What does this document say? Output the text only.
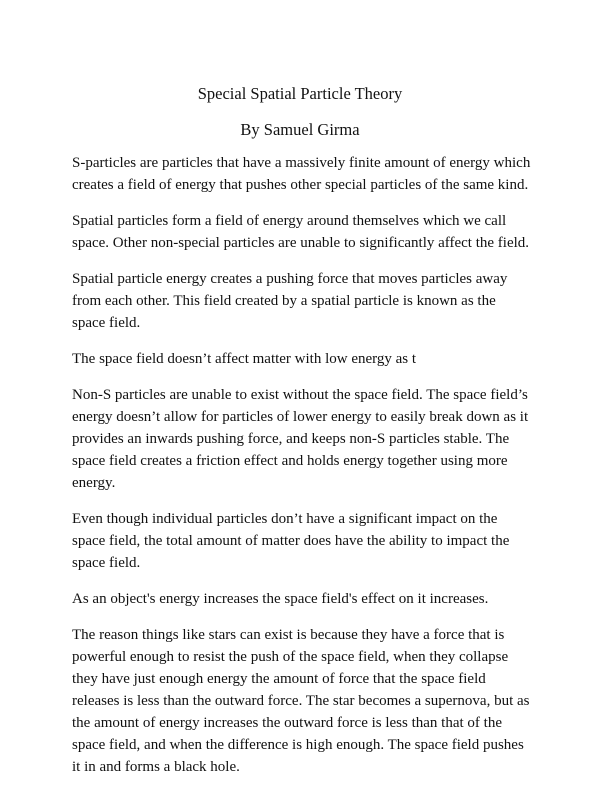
Special Spatial Particle Theory
By Samuel Girma

S-particles are particles that have a massively finite amount of energy which creates a field of energy that pushes other special particles of the same kind.

Spatial particles form a field of energy around themselves which we call space. Other non-special particles are unable to significantly affect the field.

Spatial particle energy creates a pushing force that moves particles away from each other. This field created by a spatial particle is known as the space field.

The space field doesn’t affect matter with low energy as t

Non-S particles are unable to exist without the space field. The space field’s energy doesn’t allow for particles of lower energy to easily break down as it provides an inwards pushing force, and keeps non-S particles stable. The space field creates a friction effect and holds energy together using more energy.

Even though individual particles don’t have a significant impact on the space field, the total amount of matter does have the ability to impact the space field.

As an object's energy increases the space field's effect on it increases.

The reason things like stars can exist is because they have a force that is powerful enough to resist the push of the space field, when they collapse they have just enough energy the amount of force that the space field releases is less than the outward force. The star becomes a supernova, but as the amount of energy increases the outward force is less than that of the space field, and when the difference is high enough. The space field pushes it in and forms a black hole.
